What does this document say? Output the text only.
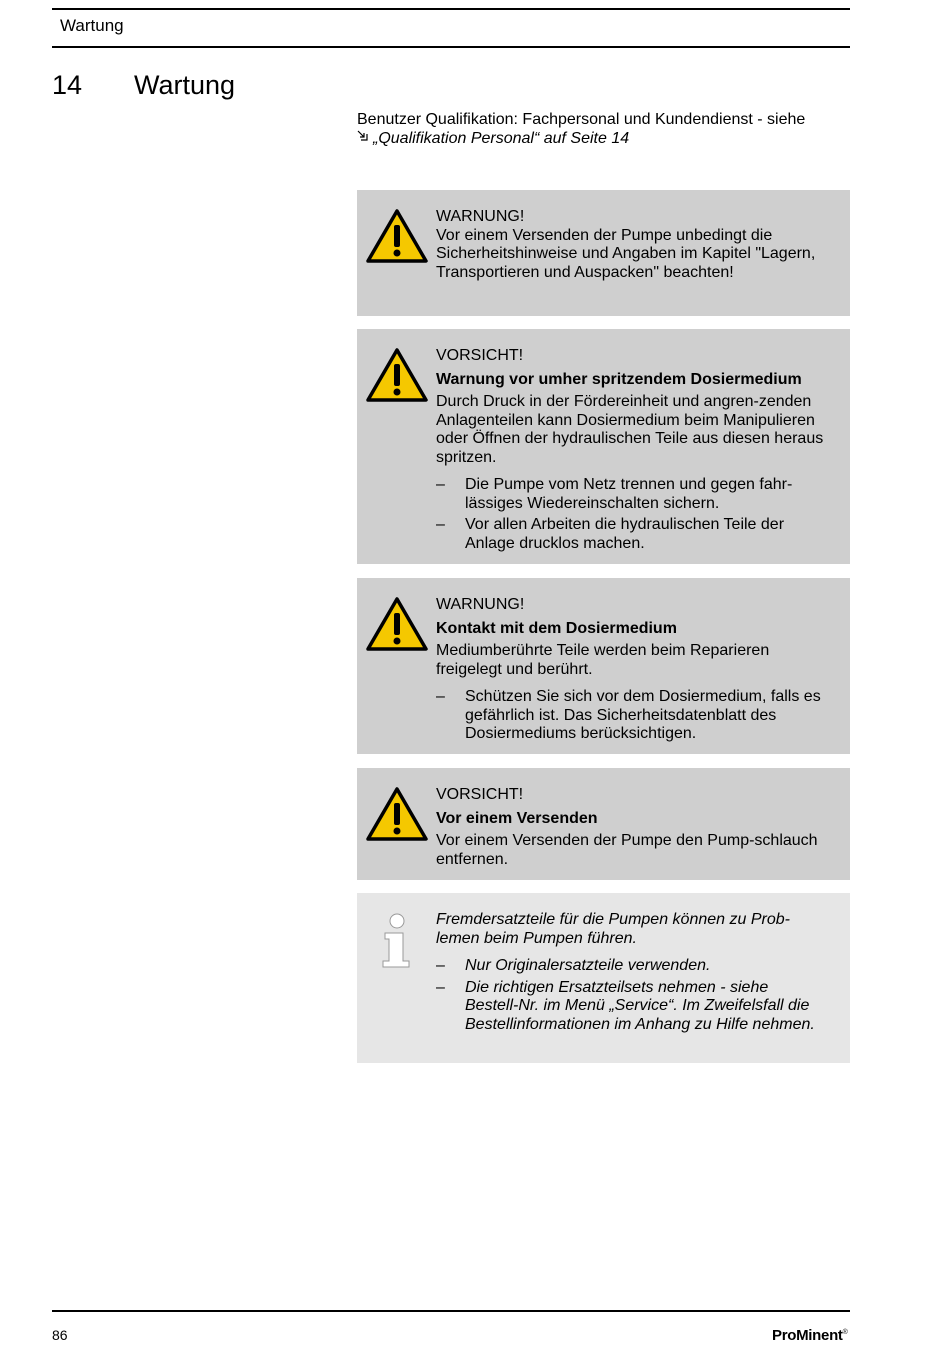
Wartung
14	Wartung
Benutzer Qualifikation: Fachpersonal und Kundendienst - siehe
„Qualifikation Personal“ auf Seite 14
WARNUNG!
Vor einem Versenden der Pumpe unbedingt die Sicherheitshinweise und Angaben im Kapitel "Lagern, Transportieren und Auspacken" beachten!
VORSICHT!
Warnung vor umher spritzendem Dosiermedium
Durch Druck in der Fördereinheit und angren-zenden Anlagenteilen kann Dosiermedium beim Manipulieren oder Öffnen der hydraulischen Teile aus diesen heraus spritzen.
– Die Pumpe vom Netz trennen und gegen fahr-lässiges Wiedereinschalten sichern.
– Vor allen Arbeiten die hydraulischen Teile der Anlage drucklos machen.
WARNUNG!
Kontakt mit dem Dosiermedium
Mediumberührte Teile werden beim Reparieren freigelegt und berührt.
– Schützen Sie sich vor dem Dosiermedium, falls es gefährlich ist. Das Sicherheitsdatenblatt des Dosiermediums berücksichtigen.
VORSICHT!
Vor einem Versenden
Vor einem Versenden der Pumpe den Pump-schlauch entfernen.
Fremdersatzteile für die Pumpen können zu Prob-lemen beim Pumpen führen.
– Nur Originalersatzteile verwenden.
– Die richtigen Ersatzteilsets nehmen - siehe Bestell-Nr. im Menü „Service“. Im Zweifelsfall die Bestellinformationen im Anhang zu Hilfe nehmen.
86	ProMinent®
